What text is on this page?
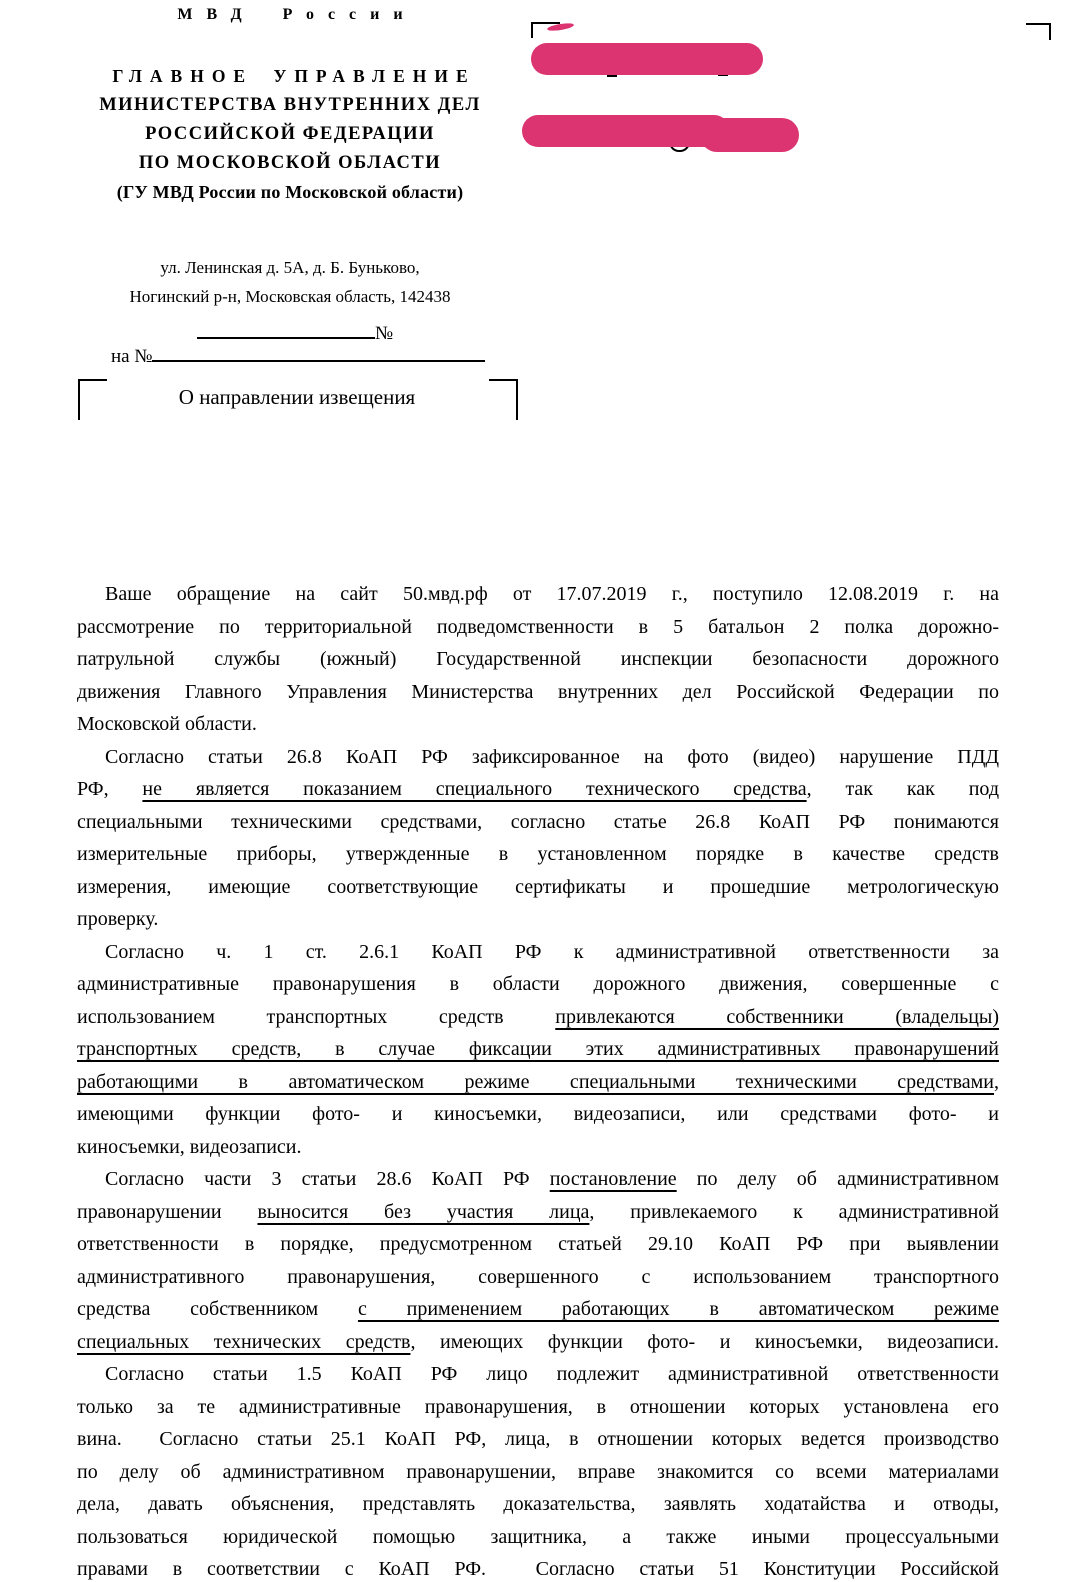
МВД России
ГЛАВНОЕ УПРАВЛЕНИЕ
МИНИСТЕРСТВА ВНУТРЕННИХ ДЕЛ
РОССИЙСКОЙ ФЕДЕРАЦИИ
ПО МОСКОВСКОЙ ОБЛАСТИ
(ГУ МВД России по Московской области)
ул. Ленинская д. 5А, д. Б. Буньково,
Ногинский р-н, Московская область, 142438
№
на №
О направлении извещения
Ваше обращение на сайт 50.мвд.рф от 17.07.2019 г., поступило 12.08.2019 г. на
рассмотрение по территориальной подведомственности в 5 батальон 2 полка дорожно-
патрульной службы (южный) Государственной инспекции безопасности дорожного
движения Главного Управления Министерства внутренних дел Российской Федерации по
Московской области.
Согласно статьи 26.8 КоАП РФ зафиксированное на фото (видео) нарушение ПДД
РФ, не является показанием специального технического средства, так как под
специальными техническими средствами, согласно статье 26.8 КоАП РФ понимаются
измерительные приборы, утвержденные в установленном порядке в качестве средств
измерения, имеющие соответствующие сертификаты и прошедшие метрологическую
проверку.
Согласно ч. 1 ст. 2.6.1 КоАП РФ к административной ответственности за
административные правонарушения в области дорожного движения, совершенные с
использованием транспортных средств привлекаются собственники (владельцы)
транспортных средств, в случае фиксации этих административных правонарушений
работающими в автоматическом режиме специальными техническими средствами,
имеющими функции фото- и киносъемки, видеозаписи, или средствами фото- и
киносъемки, видеозаписи.
Согласно части 3 статьи 28.6 КоАП РФ постановление по делу об административном
правонарушении выносится без участия лица, привлекаемого к административной
ответственности в порядке, предусмотренном статьей 29.10 КоАП РФ при выявлении
административного правонарушения, совершенного с использованием транспортного
средства собственником с применением работающих в автоматическом режиме
специальных технических средств, имеющих функции фото- и киносъемки, видеозаписи.
Согласно статьи 1.5 КоАП РФ лицо подлежит административной ответственности
только за те административные правонарушения, в отношении которых установлена его
вина.  Согласно статьи 25.1 КоАП РФ, лица, в отношении которых ведется производство
по делу об административном правонарушении, вправе знакомится со всеми материалами
дела, давать объяснения, представлять доказательства, заявлять ходатайства и отводы,
пользоваться юридической помощью защитника, а также иными процессуальными
правами в соответствии с КоАП РФ.  Согласно статьи 51 Конституции Российской
